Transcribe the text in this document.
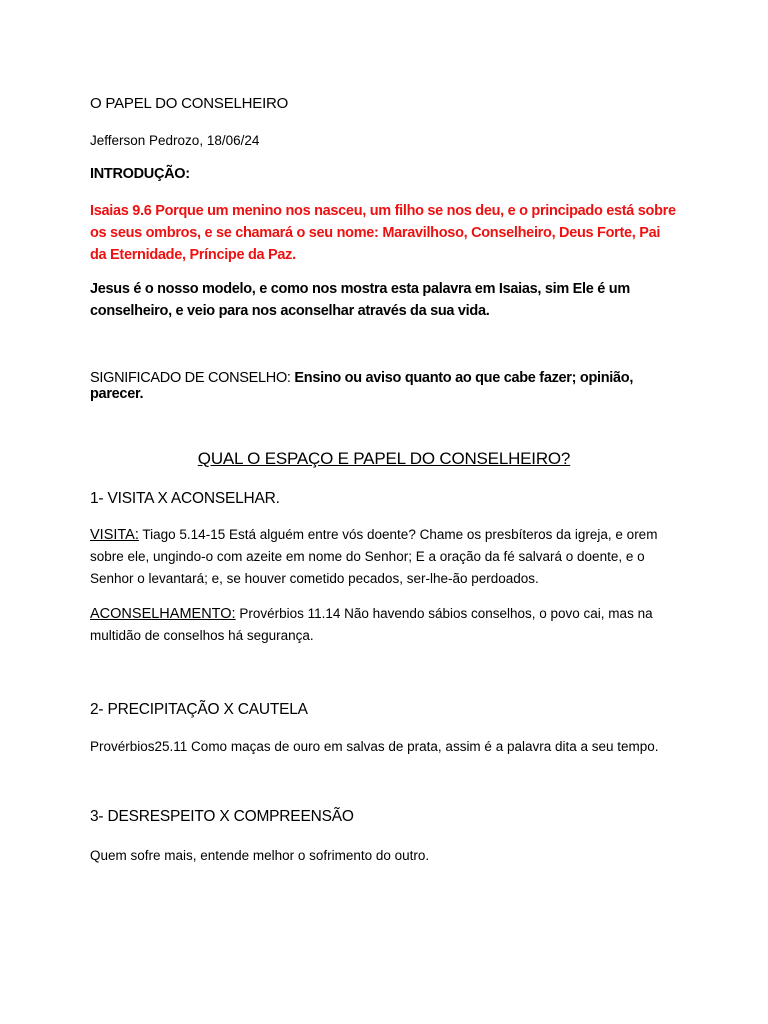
O PAPEL DO CONSELHEIRO

Jefferson Pedrozo, 18/06/24

INTRODUÇÃO:

Isaias 9.6 Porque um menino nos nasceu, um filho se nos deu, e o principado está sobre os seus ombros, e se chamará o seu nome: Maravilhoso, Conselheiro, Deus Forte, Pai da Eternidade, Príncipe da Paz.

Jesus é o nosso modelo, e como nos mostra esta palavra em Isaias, sim Ele é um conselheiro, e veio para nos aconselhar através da sua vida.

SIGNIFICADO DE CONSELHO: Ensino ou aviso quanto ao que cabe fazer; opinião, parecer.

QUAL O ESPAÇO E PAPEL DO CONSELHEIRO?

1- VISITA X ACONSELHAR.

VISITA: Tiago 5.14-15 Está alguém entre vós doente? Chame os presbíteros da igreja, e orem sobre ele, ungindo-o com azeite em nome do Senhor; E a oração da fé salvará o doente, e o Senhor o levantará; e, se houver cometido pecados, ser-lhe-ão perdoados.

ACONSELHAMENTO: Provérbios 11.14 Não havendo sábios conselhos, o povo cai, mas na multidão de conselhos há segurança.

2- PRECIPITAÇÃO X CAUTELA

Provérbios25.11 Como maças de ouro em salvas de prata, assim é a palavra dita a seu tempo.

3- DESRESPEITO X COMPREENSÃO

Quem sofre mais, entende melhor o sofrimento do outro.
